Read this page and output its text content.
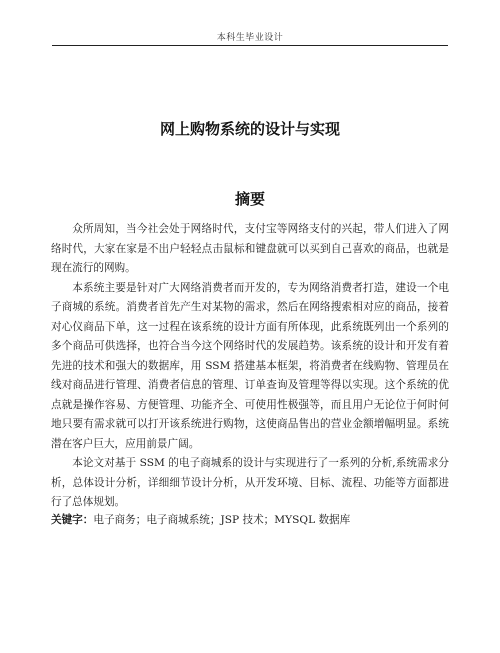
本科生毕业设计
网上购物系统的设计与实现
摘要

众所周知，当今社会处于网络时代，支付宝等网络支付的兴起，带人们进入了网络时代，大家在家是不出户轻轻点击鼠标和键盘就可以买到自己喜欢的商品，也就是现在流行的网购。

本系统主要是针对广大网络消费者而开发的，专为网络消费者打造，建设一个电子商城的系统。消费者首先产生对某物的需求，然后在网络搜索相对应的商品，接着对心仪商品下单，这一过程在该系统的设计方面有所体现，此系统既列出一个系列的多个商品可供选择，也符合当今这个网络时代的发展趋势。该系统的设计和开发有着先进的技术和强大的数据库，用 SSM 搭建基本框架，将消费者在线购物、管理员在线对商品进行管理、消费者信息的管理、订单查询及管理等得以实现。这个系统的优点就是操作容易、方便管理、功能齐全、可使用性极强等，而且用户无论位于何时何地只要有需求就可以打开该系统进行购物，这使商品售出的营业金额增幅明显。系统潜在客户巨大，应用前景广阔。

本论文对基于 SSM 的电子商城系的设计与实现进行了一系列的分析,系统需求分析，总体设计分析，详细细节设计分析，从开发环境、目标、流程、功能等方面都进行了总体规划。

关键字：电子商务；电子商城系统；JSP 技术；MYSQL 数据库
